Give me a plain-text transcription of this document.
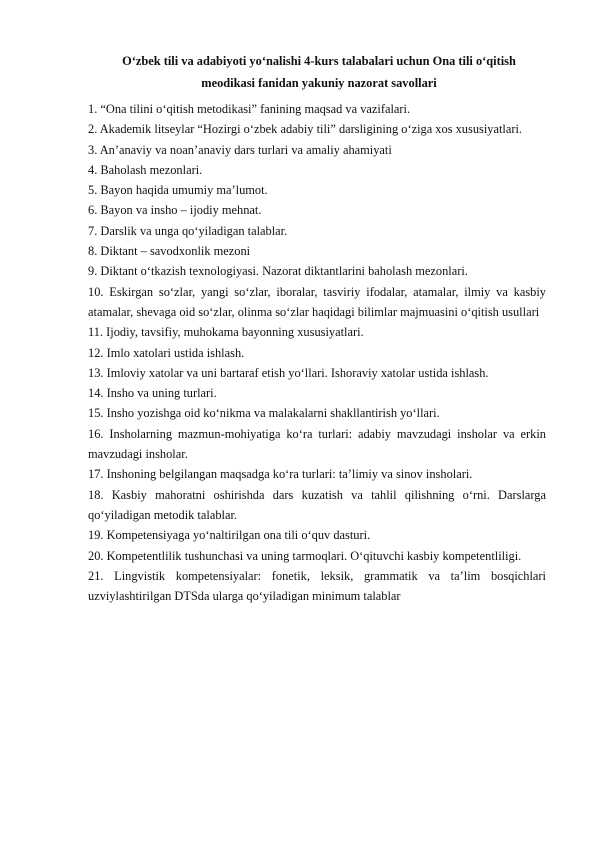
O‘zbek tili va adabiyoti yo‘nalishi 4-kurs talabalari uchun Ona tili o‘qitish
meodikasi fanidan yakuniy nazorat savollari

1. “Ona tilini o‘qitish metodikasi” fanining maqsad va vazifalari.

2. Akademik litseylar “Hozirgi o‘zbek adabiy tili” darsligining o‘ziga xos xususiyatlari.

3. An’anaviy va noan’anaviy dars turlari va amaliy ahamiyati

4. Baholash mezonlari.

5. Bayon haqida umumiy ma’lumot.

6. Bayon va insho – ijodiy mehnat.

7. Darslik va unga qo‘yiladigan talablar.

8. Diktant – savodxonlik mezoni

9. Diktant o‘tkazish texnologiyasi. Nazorat diktantlarini baholash mezonlari.

10. Eskirgan so‘zlar, yangi so‘zlar, iboralar, tasviriy ifodalar, atamalar, ilmiy va kasbiy atamalar, shevaga oid so‘zlar, olinma so‘zlar haqidagi bilimlar majmuasini o‘qitish usullari

11. Ijodiy, tavsifiy, muhokama bayonning xususiyatlari.

12. Imlo xatolari ustida ishlash.

13. Imloviy xatolar va uni bartaraf etish yo‘llari. Ishoraviy xatolar ustida ishlash.

14. Insho va uning turlari.

15. Insho yozishga oid ko‘nikma va malakalarni shakllantirish yo‘llari.

16. Insholarning mazmun-mohiyatiga ko‘ra turlari: adabiy mavzudagi insholar va erkin mavzudagi insholar.

17. Inshoning belgilangan maqsadga ko‘ra turlari: ta’limiy va sinov insholari.

18. Kasbiy mahoratni oshirishda dars kuzatish va tahlil qilishning o‘rni. Darslarga qo‘yiladigan metodik talablar.

19. Kompetensiyaga yo‘naltirilgan ona tili o‘quv dasturi.

20. Kompetentlilik tushunchasi va uning tarmoqlari. O‘qituvchi kasbiy kompetentliligi.

21. Lingvistik kompetensiyalar: fonetik, leksik, grammatik va ta’lim bosqichlari uzviylashtirilgan DTSda ularga qo‘yiladigan minimum talablar
